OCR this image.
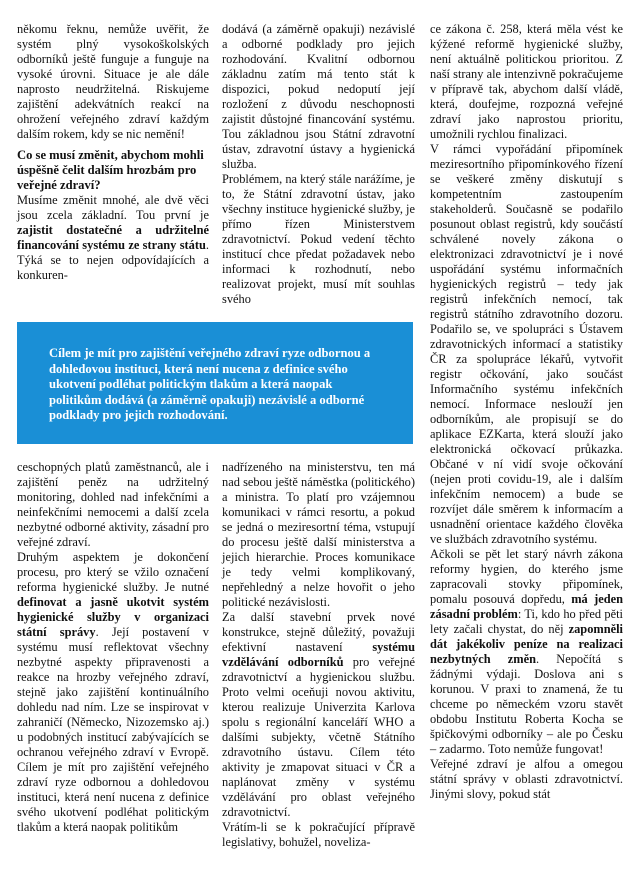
někomu řeknu, nemůže uvěřit, že systém plný vysokoškolských odborníků ještě funguje a funguje na vysoké úrovni. Situace je ale dále naprosto neudržitelná. Riskujeme zajištění adekvátních reakcí na ohrožení veřejného zdraví každým dalším rokem, kdy se nic nemění!

Co se musí změnit, abychom mohli úspěšně čelit dalším hrozbám pro veřejné zdraví?

Musíme změnit mnohé, ale dvě věci jsou zcela základní. Tou první je zajistit dostatečné a udržitelné financování systému ze strany státu. Týká se to nejen odpovídajících a konkuren-

dodává (a záměrně opakuji) nezávislé a odborné podklady pro jejich rozhodování. Kvalitní odbornou základnu zatím má tento stát k dispozici, pokud nedoputí její rozložení z důvodu neschopnosti zajistit důstojné financování systému. Tou základnou jsou Státní zdravotní ústav, zdravotní ústavy a hygienická služba.

Problémem, na který stále narážíme, je to, že Státní zdravotní ústav, jako všechny instituce hygienické služby, je přímo řízen Ministerstvem zdravotnictví. Pokud vedení těchto institucí chce předat požadavek nebo informaci k rozhodnutí, nebo realizovat projekt, musí mít souhlas svého

ce zákona č. 258, která měla vést ke kýžené reformě hygienické služby, není aktuálně politickou prioritou. Z naší strany ale intenzivně pokračujeme v přípravě tak, abychom další vládě, která, doufejme, rozpozná veřejné zdraví jako naprostou prioritu, umožnili rychlou finalizaci.

V rámci vypořádání připomínek meziresortního připomínkového řízení se veškeré změny diskutují s kompetentním zastoupením stakeholderů. Současně se podařilo posunout oblast registrů, kdy součástí schválené novely zákona o elektronizaci zdravotnictví je i nové uspořádání systému informačních hygienických registrů – tedy jak registrů infekčních nemocí, tak registrů státního zdravotního dozoru. Podařilo se, ve spolupráci s Ústavem zdravotnických informací a statistiky ČR za spolupráce lékařů, vytvořit registr očkování, jako součást Informačního systému infekčních nemocí. Informace neslouží jen odborníkům, ale propisují se do aplikace EZKarta, která slouží jako elektronická očkovací průkazka. Občané v ní vidí svoje očkování (nejen proti covidu-19, ale i dalším infekčním nemocem) a bude se rozvíjet dále směrem k informacím a usnadnění orientace každého člověka ve službách zdravotního systému.

Ačkoli se pět let starý návrh zákona reformy hygien, do kterého jsme zapracovali stovky připomínek, pomalu posouvá dopředu, má jeden zásadní problém: Ti, kdo ho před pěti lety začali chystat, do něj zapomněli dát jakékoliv peníze na realizaci nezbytných změn. Nepočítá s žádnými výdaji. Doslova ani s korunou. V praxi to znamená, že tu chceme po německém vzoru stavět obdobu Institutu Roberta Kocha se špičkovými odborníky – ale po Česku – zadarmo. Toto nemůže fungovat!

Veřejné zdraví je alfou a omegou státní správy v oblasti zdravotnictví. Jinými slovy, pokud stát

Cílem je mít pro zajištění veřejného zdraví ryze odbornou a dohledovou instituci, která není nucena z definice svého ukotvení podléhat politickým tlakům a která naopak politikům dodává (a záměrně opakuji) nezávislé a odborné podklady pro jejich rozhodování.

ceschopných platů zaměstnanců, ale i zajištění peněz na udržitelný monitoring, dohled nad infekčními a neinfekčními nemocemi a další zcela nezbytné odborné aktivity, zásadní pro veřejné zdraví.

Druhým aspektem je dokončení procesu, pro který se vžilo označení reforma hygienické služby. Je nutné definovat a jasně ukotvit systém hygienické služby v organizaci státní správy. Její postavení v systému musí reflektovat všechny nezbytné aspekty připravenosti a reakce na hrozby veřejného zdraví, stejně jako zajištění kontinuálního dohledu nad ním. Lze se inspirovat v zahraničí (Německo, Nizozemsko aj.) u podobných institucí zabývajících se ochranou veřejného zdraví v Evropě. Cílem je mít pro zajištění veřejného zdraví ryze odbornou a dohledovou instituci, která není nucena z definice svého ukotvení podléhat politickým tlakům a která naopak politikům

nadřízeného na ministerstvu, ten má nad sebou ještě náměstka (politického) a ministra. To platí pro vzájemnou komunikaci v rámci resortu, a pokud se jedná o meziresortní téma, vstupují do procesu ještě další ministerstva a jejich hierarchie. Proces komunikace je tedy velmi komplikovaný, nepřehledný a nelze hovořit o jeho politické nezávislosti.

Za další stavební prvek nové konstrukce, stejně důležitý, považuji efektivní nastavení systému vzdělávání odborníků pro veřejné zdravotnictví a hygienickou službu. Proto velmi oceňuji novou aktivitu, kterou realizuje Univerzita Karlova spolu s regionální kanceláří WHO a dalšími subjekty, včetně Státního zdravotního ústavu. Cílem této aktivity je zmapovat situaci v ČR a naplánovat změny v systému vzdělávání pro oblast veřejného zdravotnictví.

Vrátím-li se k pokračující přípravě legislativy, bohužel, noveliza-
